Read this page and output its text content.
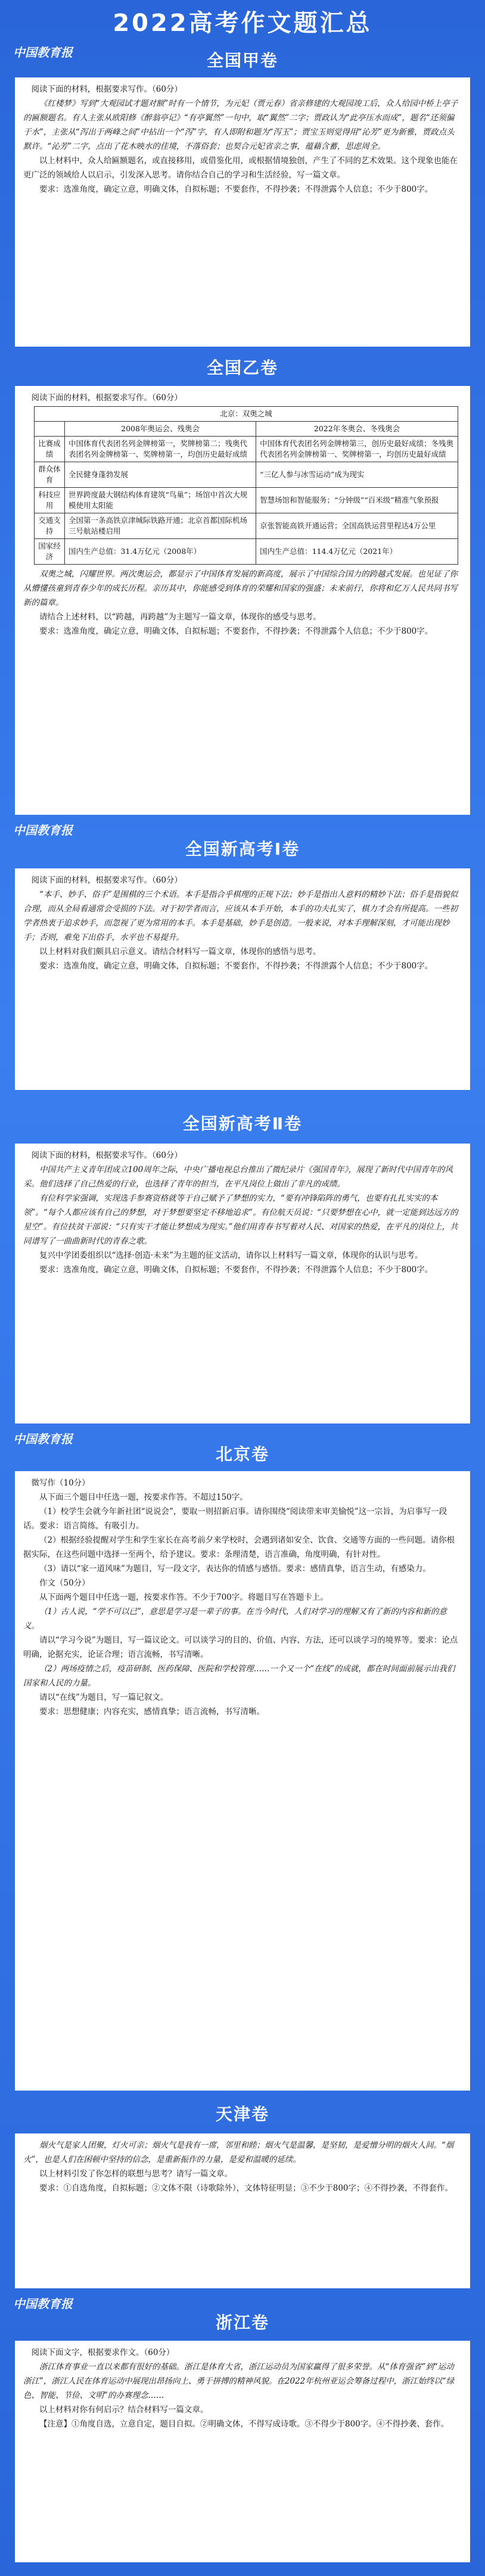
2022高考作文题汇总
中国教育报	全国甲卷

阅读下面的材料，根据要求写作。（60分）

《红楼梦》写到“大观园试才题对额”时有一个情节，为元妃（贾元春）省亲修建的大观园竣工后，众人给园中桥上亭子的匾额题名。有人主张从欧阳修《醉翁亭记》“有亭翼然”一句中，取“翼然”二字；贾政认为“此亭压水而成”，题名“还须偏于水”，主张从“泻出于两峰之间”中拈出一个“泻”字，有人即附和题为“泻玉”；贾宝玉则觉得用“沁芳”更为新雅，贾政点头默许。“沁芳”二字，点出了花木映水的佳境，不落俗套；也契合元妃省亲之事，蕴藉含蓄，思虑周全。

以上材料中，众人给匾额题名，或直接移用，或借鉴化用，或根据情境独创，产生了不同的艺术效果。这个现象也能在更广泛的领域给人以启示，引发深入思考。请你结合自己的学习和生活经验，写一篇文章。

要求：选准角度，确定立意，明确文体，自拟标题；不要套作，不得抄袭；不得泄露个人信息；不少于800字。

全国乙卷

阅读下面的材料，根据要求写作。（60分）

北京：双奥之城		
	2008年奥运会、残奥会	2022年冬奥会、冬残奥会
比赛成绩	中国体育代表团名列金牌榜第一，奖牌榜第二；残奥代表团名列金牌榜第一、奖牌榜第一，均创历史最好成绩	中国体育代表团名列金牌榜第三，创历史最好成绩；冬残奥代表团名列金牌榜第一、奖牌榜第一，均创历史最好成绩
群众体育	全民健身蓬勃发展	“三亿人参与冰雪运动”成为现实
科技应用	世界跨度最大钢结构体育建筑“鸟巢”；场馆中首次大规模使用太阳能	智慧场馆和智能服务；“分钟级”“百米级”精准气象预报
交通支持	全国第一条高铁京津城际铁路开通；北京首都国际机场三号航站楼启用	京张智能高铁开通运营；全国高铁运营里程达4万公里
国家经济	国内生产总值：31.4万亿元（2008年）	国内生产总值：114.4万亿元（2021年）

双奥之城，闪耀世界。两次奥运会，都显示了中国体育发展的新高度，展示了中国综合国力的跨越式发展。也见证了你从懵懂孩童到青春少年的成长历程。亲历其中，你能感受到体育的荣耀和国家的强盛；未来前行，你将和亿万人民共同书写新的篇章。

请结合上述材料，以“跨越，再跨越”为主题写一篇文章，体现你的感受与思考。

要求：选准角度，确定立意，明确文体，自拟标题；不要套作，不得抄袭；不得泄露个人信息；不少于800字。

中国教育报
全国新高考Ⅰ卷

阅读下面的材料，根据要求写作。（60分）

“本手、妙手、俗手”是围棋的三个术语。本手是指合乎棋理的正规下法；妙手是指出人意料的精妙下法；俗手是指貌似合理，而从全局看通常会受损的下法。对于初学者而言，应该从本手开始，本手的功夫扎实了，棋力才会有所提高。一些初学者热衷于追求妙手，而忽视了更为常用的本手。本手是基础，妙手是创造。一般来说，对本手理解深刻，才可能出现妙手；否则，难免下出俗手，水平也不易提升。

以上材料对我们颇具启示意义。请结合材料写一篇文章，体现你的感悟与思考。

要求：选准角度，确定立意，明确文体，自拟标题；不要套作，不得抄袭；不得泄露个人信息；不少于800字。

全国新高考Ⅱ卷

阅读下面的材料，根据要求写作。（60分）

中国共产主义青年团成立100周年之际，中央广播电视总台推出了微纪录片《强国青年》，展现了新时代中国青年的风采。他们选择了自己热爱的行业，也选择了青年的担当，在平凡岗位上做出了非凡的成绩。

有位科学家强调，实现选手参赛资格就等于自己赋予了梦想的实力，“要有冲锋陷阵的勇气，也要有扎扎实实的本领”。“每个人都应该有自己的梦想，对于梦想要坚定不移地追求”。有位航天员说：“只要梦想在心中，就一定能到达远方的星空”。有位扶贫干部说：“只有实干才能让梦想成为现实。”他们用青春书写着对人民、对国家的热爱，在平凡的岗位上，共同谱写了一曲曲新时代的青春之歌。

复兴中学团委组织以“选择·创造·未来”为主题的征文活动，请你以上材料写一篇文章，体现你的认识与思考。

要求：选准角度，确定立意，明确文体，自拟标题；不要套作，不得抄袭；不得泄露个人信息；不少于800字。

中国教育报
北京卷

微写作（10分）

从下面三个题目中任选一题，按要求作答。不超过150字。

（1）校学生会就今年新社团“说说会”，要取一则招新启事。请你围绕“阅读带来审美愉悦”这一宗旨，为启事写一段话。要求：语言简练，有吸引力。

（2）根据经验提醒对学生和学生家长在高考前夕来学校时，会遇到诸如安全、饮食、交通等方面的一些问题。请你根据实际，在这些问题中选择一至两个，给予建议。要求：条理清楚，语言准确，角度明确，有针对性。

（3）请以“家一道风味”为题目，写一段文字，表达你的情感与感悟。要求：感情真挚，语言生动，有感染力。

作文（50分）

从下面两个题目中任选一题，按要求作答。不少于700字。将题目写在答题卡上。

（1）古人说，“学不可以已”，意思是学习是一辈子的事。在当今时代，人们对学习的理解又有了新的内容和新的意义。

请以“学习今说”为题目，写一篇议论文。可以谈学习的目的、价值、内容、方法，还可以谈学习的境界等。要求：论点明确，论据充实，论证合理；语言流畅，书写清晰。

（2）两场疫情之后，疫苗研制、医药保障、医院和学校管理……一个又一个“在线”的成就，都在时间面前展示出我们国家和人民的力量。

请以“在线”为题目，写一篇记叙文。

要求：思想健康；内容充实，感情真挚；语言流畅，书写清晰。

天津卷

烟火气是家人团聚，灯火可亲；烟火气是我有一席，邻里和睦；烟火气是温馨，是坚韧，是爱憎分明的烟火人间。“烟火”，也是人们在困顿中坚持的信念，是重新振作的力量，是爱和温暖的延续。

以上材料引发了你怎样的联想与思考？请写一篇文章。

要求：①自选角度，自拟标题；②文体不限（诗歌除外），文体特征明显；③不少于800字；④不得抄袭，不得套作。

中国教育报
浙江卷

阅读下面文字，根据要求作文。（60分）

浙江体育事业一直以来都有很好的基础。浙江是体育大省，浙江运动员为国家赢得了很多荣誉。从“体育强省”到“运动浙江”，浙江人民在体育运动中展现出昂扬向上、勇于拼搏的精神风貌。在2022年杭州亚运会筹备过程中，浙江始终以“绿色、智能、节俭、文明”的办赛理念……

以上材料对你有何启示？结合材料写一篇文章。

【注意】①角度自选，立意自定，题目自拟。②明确文体，不得写成诗歌。③不得少于800字。④不得抄袭、套作。
